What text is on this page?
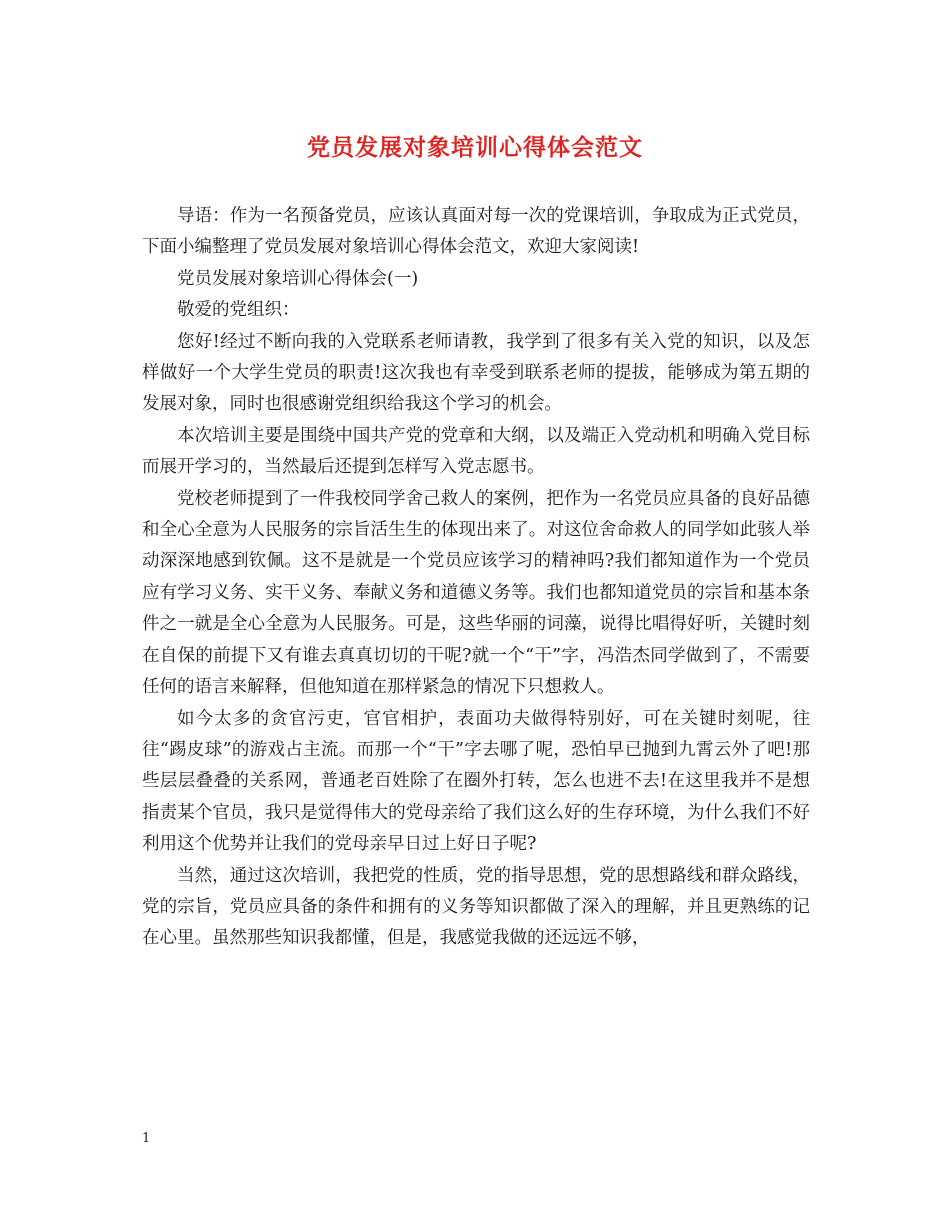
党员发展对象培训心得体会范文

导语：作为一名预备党员，应该认真面对每一次的党课培训，争取成为正式党员，下面小编整理了党员发展对象培训心得体会范文，欢迎大家阅读!

党员发展对象培训心得体会(一)

敬爱的党组织：

您好!经过不断向我的入党联系老师请教，我学到了很多有关入党的知识，以及怎样做好一个大学生党员的职责!这次我也有幸受到联系老师的提拔，能够成为第五期的发展对象，同时也很感谢党组织给我这个学习的机会。

本次培训主要是围绕中国共产党的党章和大纲，以及端正入党动机和明确入党目标而展开学习的，当然最后还提到怎样写入党志愿书。

党校老师提到了一件我校同学舍己救人的案例，把作为一名党员应具备的良好品德和全心全意为人民服务的宗旨活生生的体现出来了。对这位舍命救人的同学如此骇人举动深深地感到钦佩。这不是就是一个党员应该学习的精神吗?我们都知道作为一个党员应有学习义务、实干义务、奉献义务和道德义务等。我们也都知道党员的宗旨和基本条件之一就是全心全意为人民服务。可是，这些华丽的词藻，说得比唱得好听，关键时刻在自保的前提下又有谁去真真切切的干呢?就一个“干”字，冯浩杰同学做到了，不需要任何的语言来解释，但他知道在那样紧急的情况下只想救人。

如今太多的贪官污吏，官官相护，表面功夫做得特别好，可在关键时刻呢，往往“踢皮球”的游戏占主流。而那一个“干”字去哪了呢，恐怕早已抛到九霄云外了吧!那些层层叠叠的关系网，普通老百姓除了在圈外打转，怎么也进不去!在这里我并不是想指责某个官员，我只是觉得伟大的党母亲给了我们这么好的生存环境，为什么我们不好利用这个优势并让我们的党母亲早日过上好日子呢?

当然，通过这次培训，我把党的性质，党的指导思想，党的思想路线和群众路线，党的宗旨，党员应具备的条件和拥有的义务等知识都做了深入的理解，并且更熟练的记在心里。虽然那些知识我都懂，但是，我感觉我做的还远远不够，

1
